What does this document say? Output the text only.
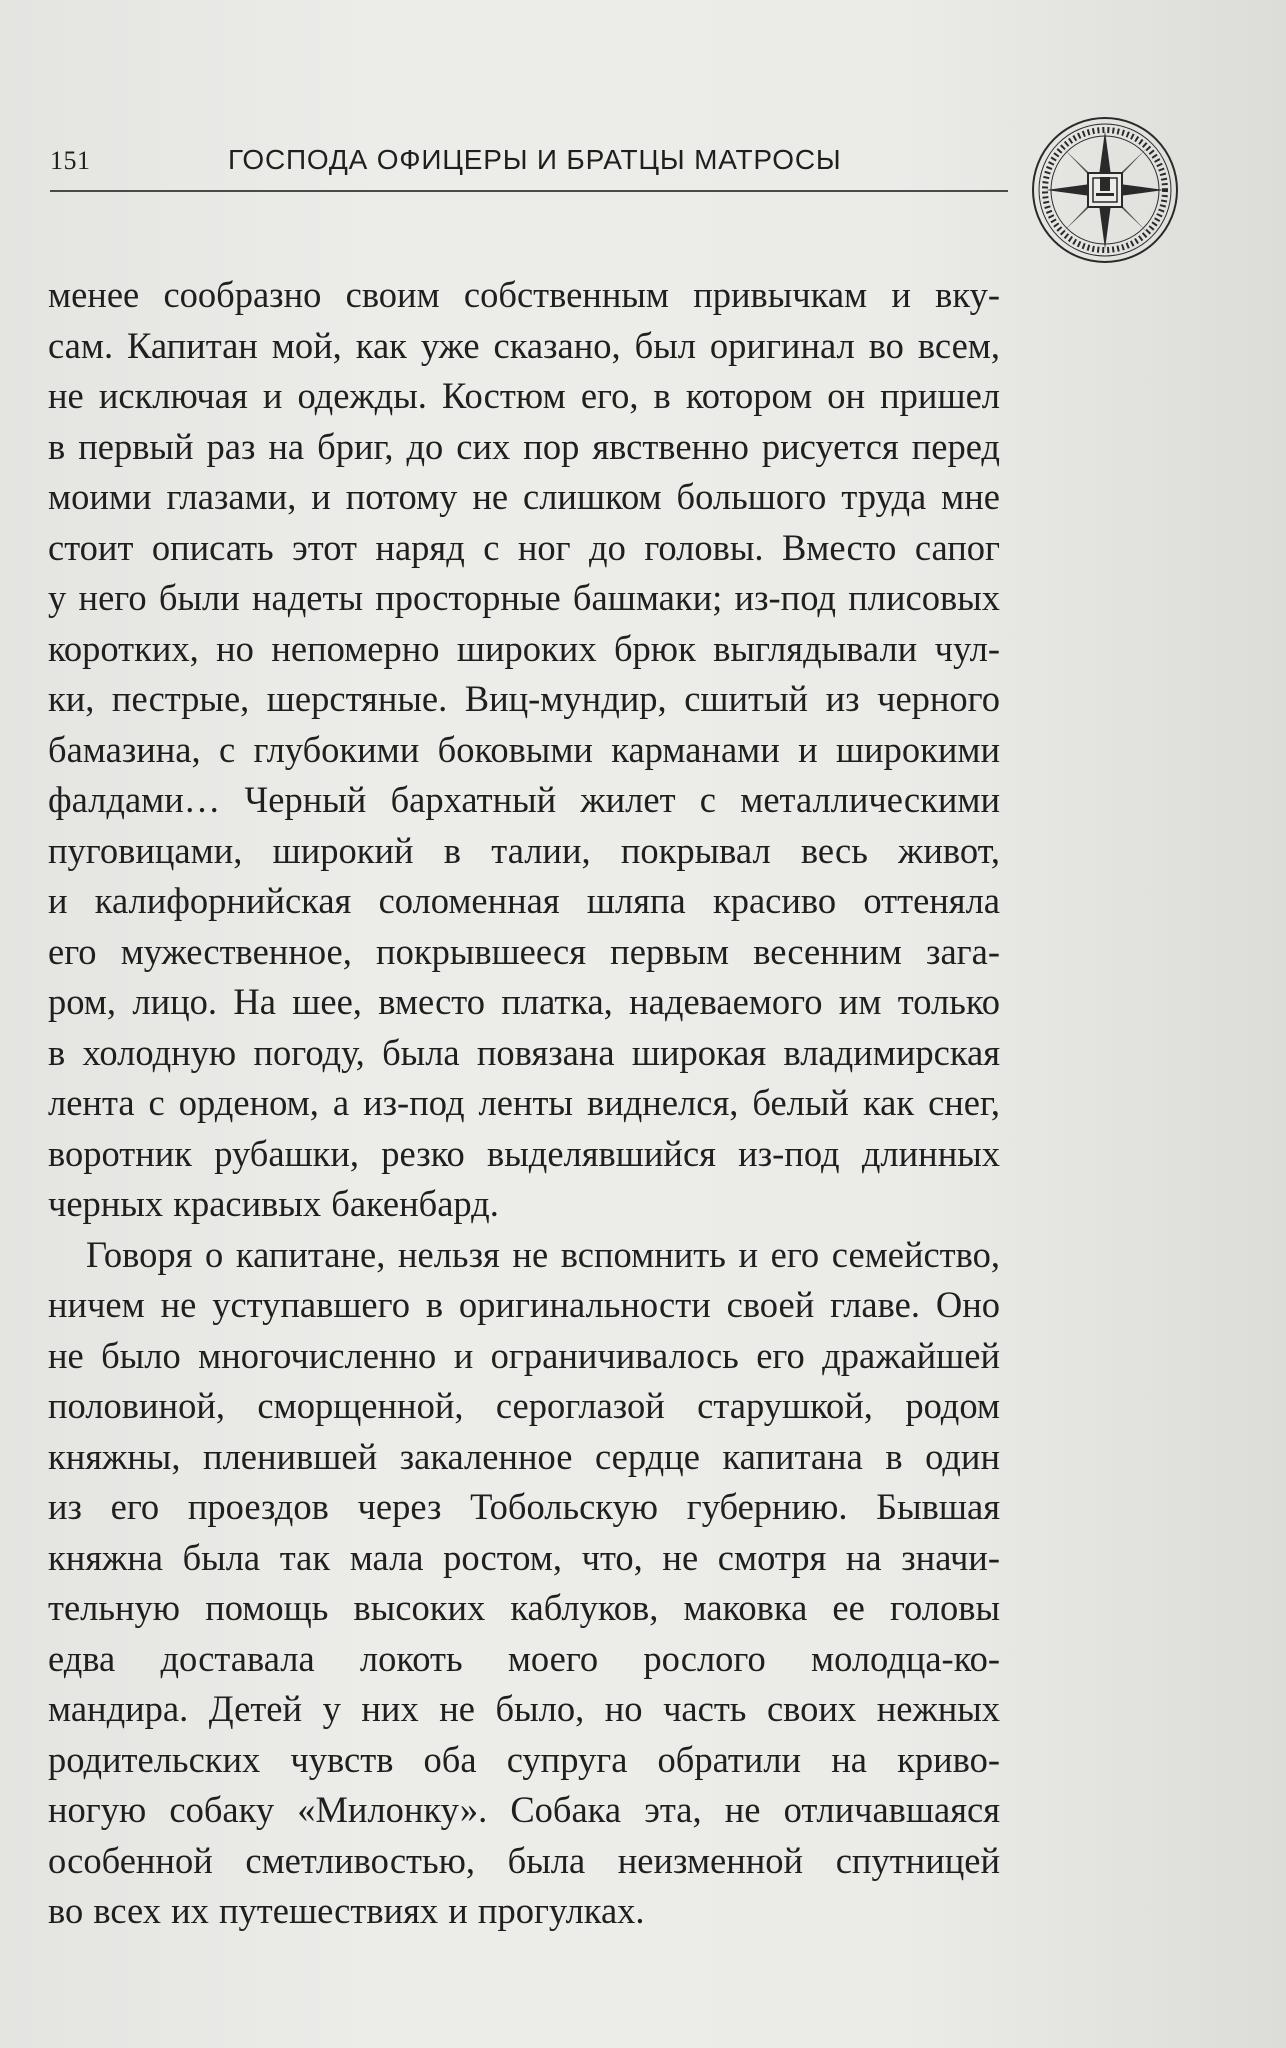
151	ГОСПОДА ОФИЦЕРЫ И БРАТЦЫ МАТРОСЫ

менее сообразно своим собственным привычкам и вку-
сам. Капитан мой, как уже сказано, был оригинал во всем,
не исключая и одежды. Костюм его, в котором он пришел
в первый раз на бриг, до сих пор явственно рисуется перед
моими глазами, и потому не слишком большого труда мне
стоит описать этот наряд с ног до головы. Вместо сапог
у него были надеты просторные башмаки; из-под плисовых
коротких, но непомерно широких брюк выглядывали чул-
ки, пестрые, шерстяные. Виц-мундир, сшитый из черного
бамазина, с глубокими боковыми карманами и широкими
фалдами… Черный бархатный жилет с металлическими
пуговицами, широкий в талии, покрывал весь живот,
и калифорнийская соломенная шляпа красиво оттеняла
его мужественное, покрывшееся первым весенним зага-
ром, лицо. На шее, вместо платка, надеваемого им только
в холодную погоду, была повязана широкая владимирская
лента с орденом, а из-под ленты виднелся, белый как снег,
воротник рубашки, резко выделявшийся из-под длинных
черных красивых бакенбард.

Говоря о капитане, нельзя не вспомнить и его семейство,
ничем не уступавшего в оригинальности своей главе. Оно
не было многочисленно и ограничивалось его дражайшей
половиной, сморщенной, сероглазой старушкой, родом
княжны, пленившей закаленное сердце капитана в один
из его проездов через Тобольскую губернию. Бывшая
княжна была так мала ростом, что, не смотря на значи-
тельную помощь высоких каблуков, маковка ее головы
едва доставала локоть моего рослого молодца-ко-
мандира. Детей у них не было, но часть своих нежных
родительских чувств оба супруга обратили на криво-
ногую собаку «Милонку». Собака эта, не отличавшаяся
особенной сметливостью, была неизменной спутницей
во всех их путешествиях и прогулках.
